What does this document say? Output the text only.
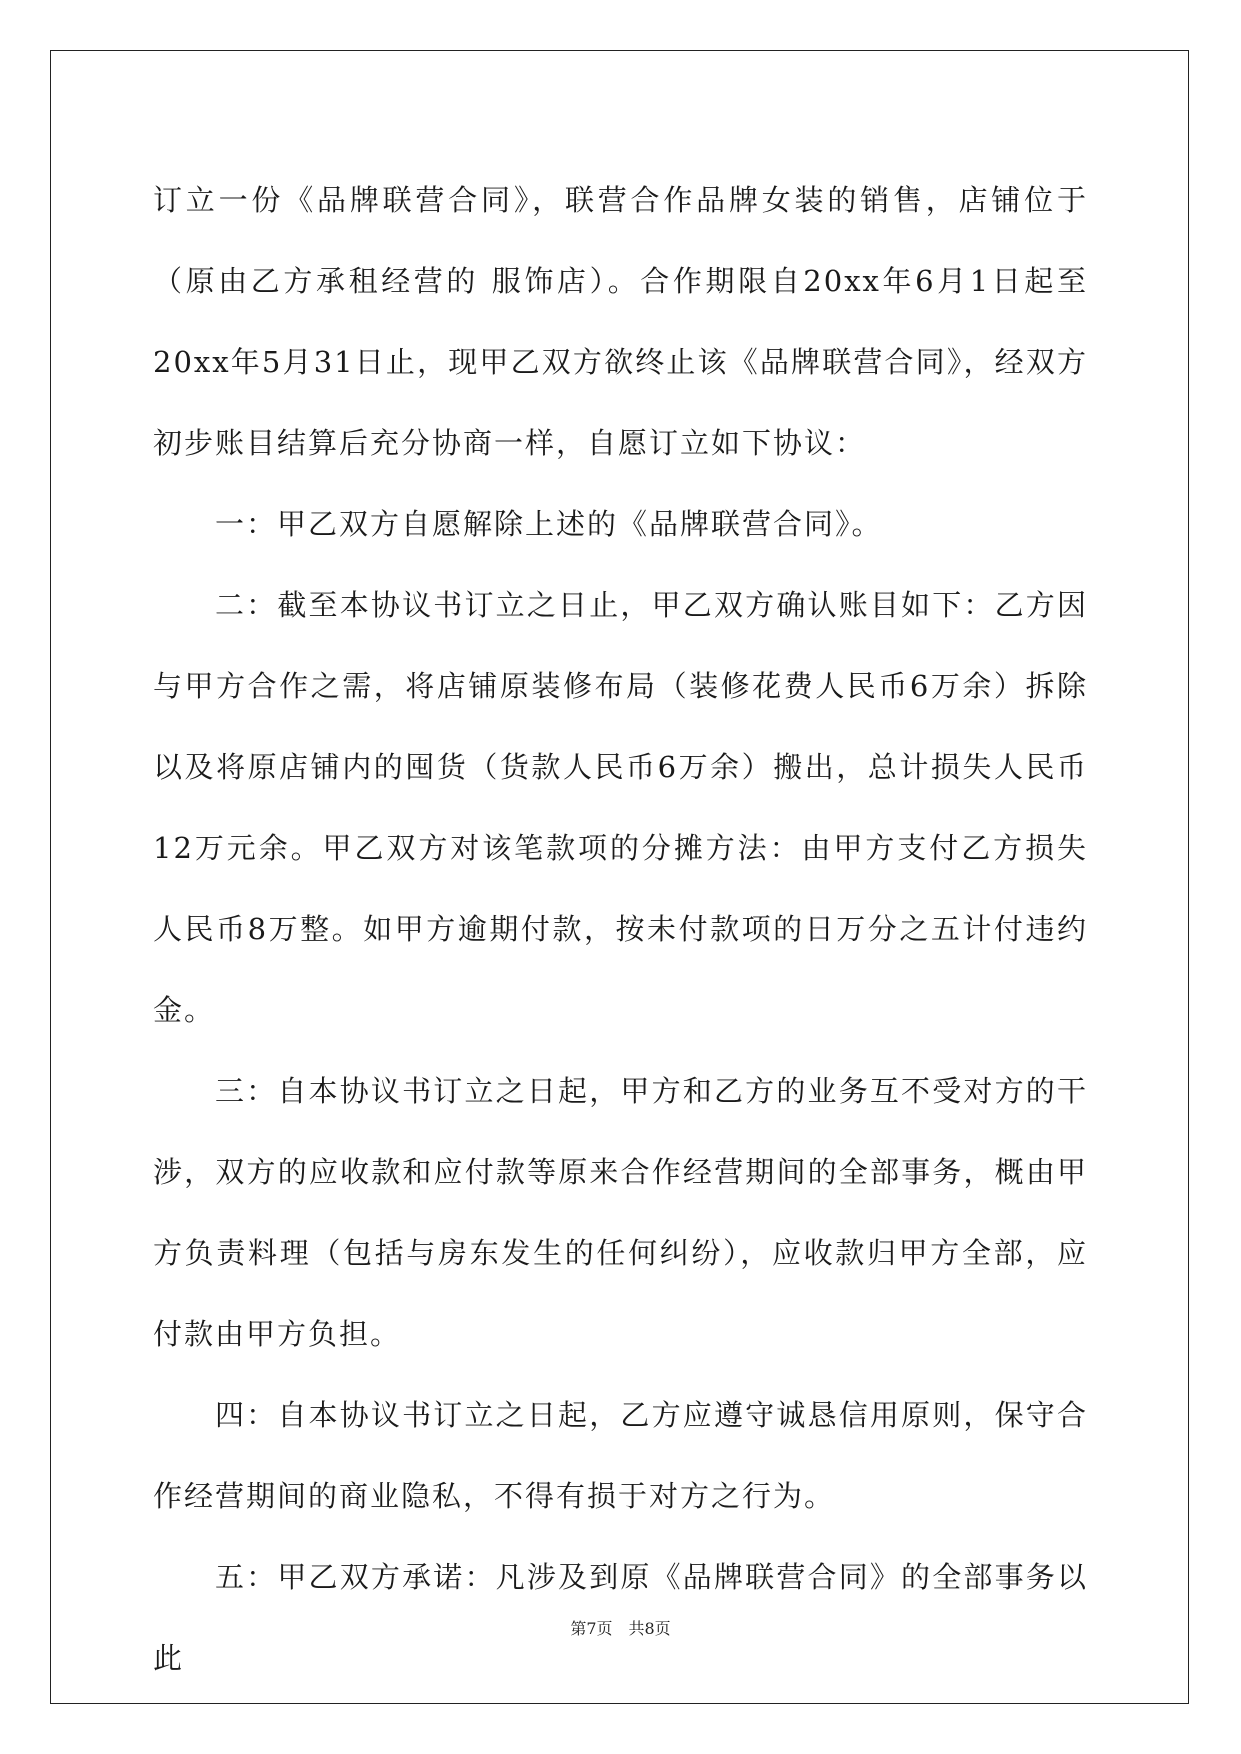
订立一份《品牌联营合同》，联营合作品牌女装的销售，店铺位于 （原由乙方承租经营的 服饰店）。合作期限自20xx年6月1日起至20xx年5月31日止，现甲乙双方欲终止该《品牌联营合同》，经双方初步账目结算后充分协商一样，自愿订立如下协议：

一：甲乙双方自愿解除上述的《品牌联营合同》。

二：截至本协议书订立之日止，甲乙双方确认账目如下：乙方因与甲方合作之需，将店铺原装修布局（装修花费人民币6万余）拆除以及将原店铺内的囤货（货款人民币6万余）搬出，总计损失人民币12万元余。甲乙双方对该笔款项的分摊方法：由甲方支付乙方损失人民币8万整。如甲方逾期付款，按未付款项的日万分之五计付违约金。

三：自本协议书订立之日起，甲方和乙方的业务互不受对方的干涉，双方的应收款和应付款等原来合作经营期间的全部事务，概由甲方负责料理（包括与房东发生的任何纠纷），应收款归甲方全部，应付款由甲方负担。

四：自本协议书订立之日起，乙方应遵守诚恳信用原则，保守合作经营期间的商业隐私，不得有损于对方之行为。

五：甲乙双方承诺：凡涉及到原《品牌联营合同》的全部事务以此

第7页 共8页
